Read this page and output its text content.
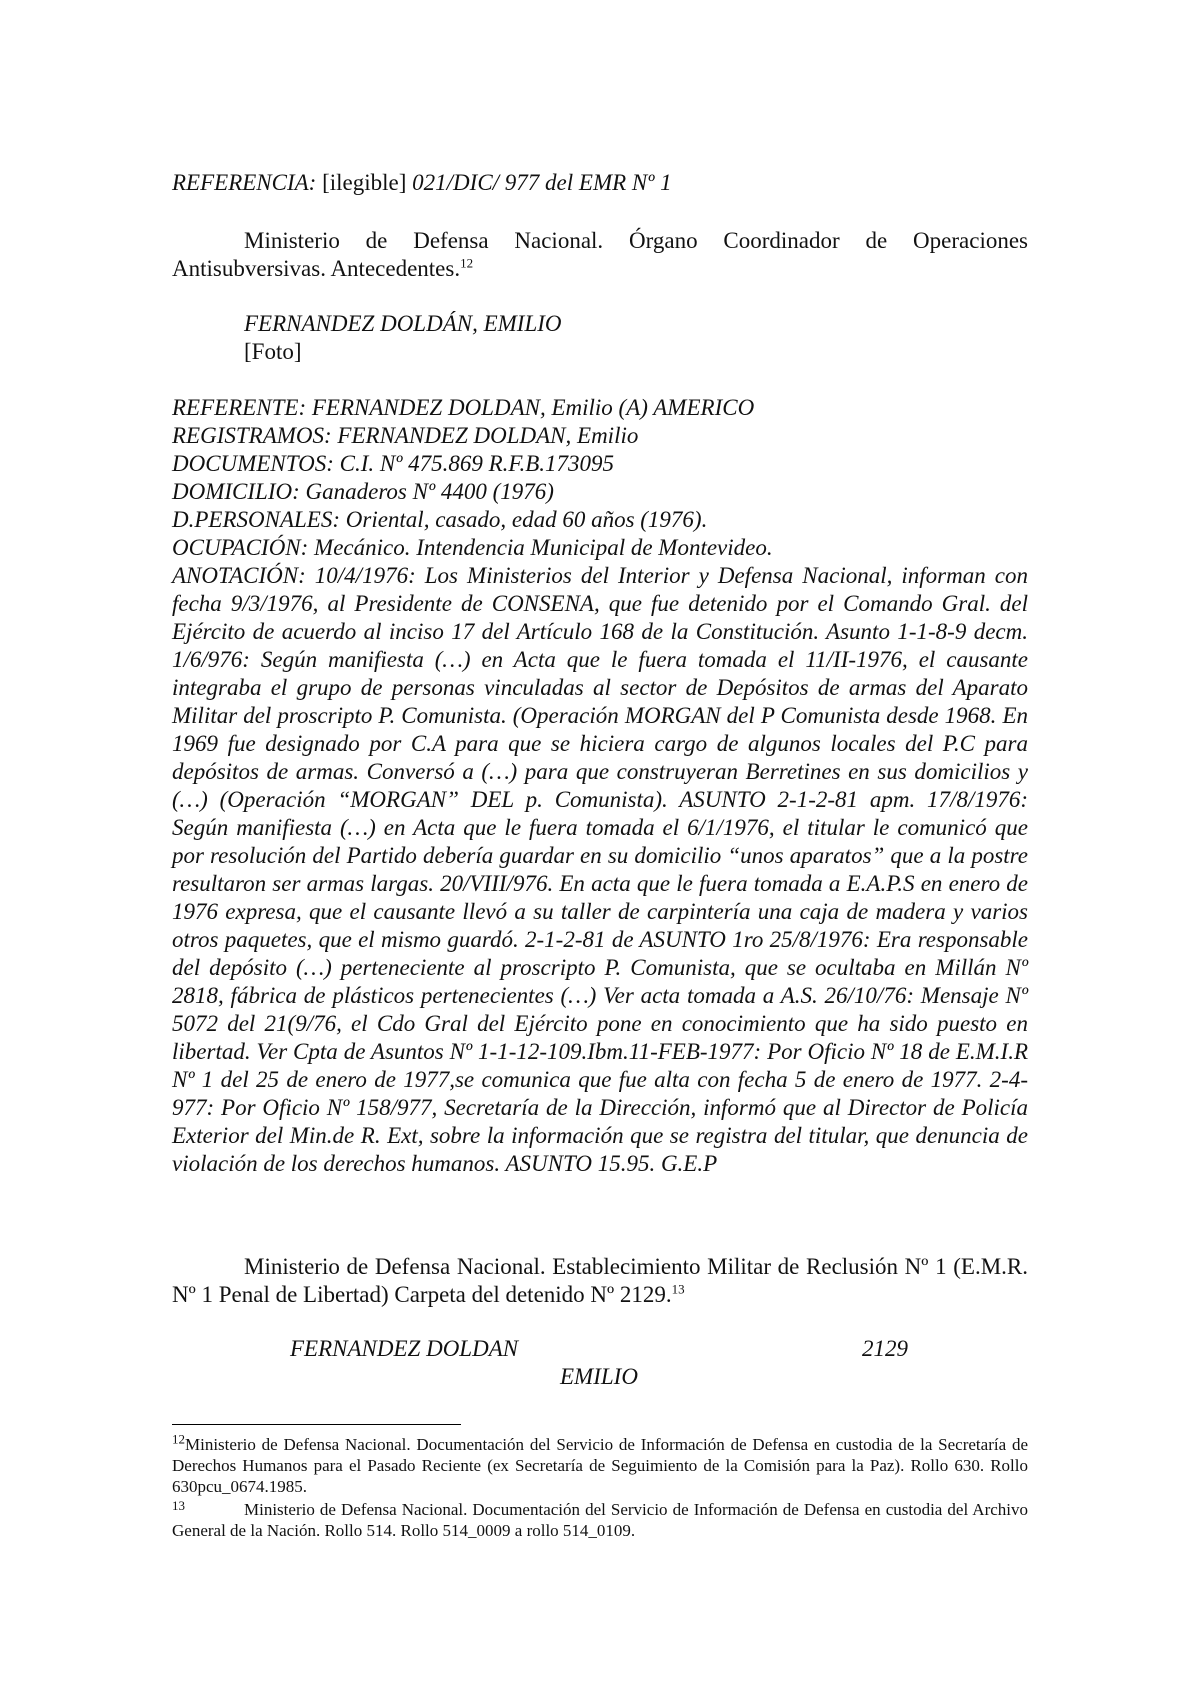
REFERENCIA: [ilegible] 021/DIC/ 977 del EMR Nº 1
Ministerio de Defensa Nacional. Órgano Coordinador de Operaciones Antisubversivas. Antecedentes.$^{12}$
FERNANDEZ DOLDÁN, EMILIO
[Foto]
REFERENTE: FERNANDEZ DOLDAN, Emilio (A) AMERICO
REGISTRAMOS: FERNANDEZ DOLDAN, Emilio
DOCUMENTOS: C.I. Nº 475.869 R.F.B.173095
DOMICILIO: Ganaderos Nº 4400 (1976)
D.PERSONALES: Oriental, casado, edad 60 años (1976).
OCUPACIÓN: Mecánico. Intendencia Municipal de Montevideo.
ANOTACIÓN: 10/4/1976: Los Ministerios del Interior y Defensa Nacional, informan con fecha 9/3/1976, al Presidente de CONSENA, que fue detenido por el Comando Gral. del Ejército de acuerdo al inciso 17 del Artículo 168 de la Constitución. Asunto 1-1-8-9 decm. 1/6/976: Según manifiesta (…) en Acta que le fuera tomada el 11/II-1976, el causante integraba el grupo de personas vinculadas al sector de Depósitos de armas del Aparato Militar del proscripto P. Comunista. (Operación MORGAN del P Comunista desde 1968. En 1969 fue designado por C.A para que se hiciera cargo de algunos locales del P.C para depósitos de armas. Conversó a (…) para que construyeran Berretines en sus domicilios y (…) (Operación “MORGAN” DEL p. Comunista). ASUNTO 2-1-2-81 apm. 17/8/1976: Según manifiesta (…) en Acta que le fuera tomada el 6/1/1976, el titular le comunicó que por resolución del Partido debería guardar en su domicilio “unos aparatos” que a la postre resultaron ser armas largas. 20/VIII/976. En acta que le fuera tomada a E.A.P.S en enero de 1976 expresa, que el causante llevó a su taller de carpintería una caja de madera y varios otros paquetes, que el mismo guardó. 2-1-2-81 de ASUNTO 1ro 25/8/1976: Era responsable del depósito (…) perteneciente al proscripto P. Comunista, que se ocultaba en Millán Nº 2818, fábrica de plásticos pertenecientes (…) Ver acta tomada a A.S. 26/10/76: Mensaje Nº 5072 del 21(9/76, el Cdo Gral del Ejército pone en conocimiento que ha sido puesto en libertad. Ver Cpta de Asuntos Nº 1-1-12-109.Ibm.11-FEB-1977: Por Oficio Nº 18 de E.M.I.R Nº 1 del 25 de enero de 1977,se comunica que fue alta con fecha 5 de enero de 1977. 2-4-977: Por Oficio Nº 158/977, Secretaría de la Dirección, informó que al Director de Policía Exterior del Min.de R. Ext, sobre la información que se registra del titular, que denuncia de violación de los derechos humanos. ASUNTO 15.95. G.E.P
Ministerio de Defensa Nacional. Establecimiento Militar de Reclusión Nº 1 (E.M.R. Nº 1 Penal de Libertad) Carpeta del detenido Nº 2129.13
FERNANDEZ DOLDAN	2129
EMILIO
$^{12}$Ministerio de Defensa Nacional. Documentación del Servicio de Información de Defensa en custodia de la Secretaría de Derechos Humanos para el Pasado Reciente (ex Secretaría de Seguimiento de la Comisión para la Paz). Rollo 630. Rollo 630pcu_0674.1985.
$^{13}$	Ministerio de Defensa Nacional. Documentación del Servicio de Información de Defensa en custodia del Archivo General de la Nación. Rollo 514. Rollo 514_0009 a rollo 514_0109.
